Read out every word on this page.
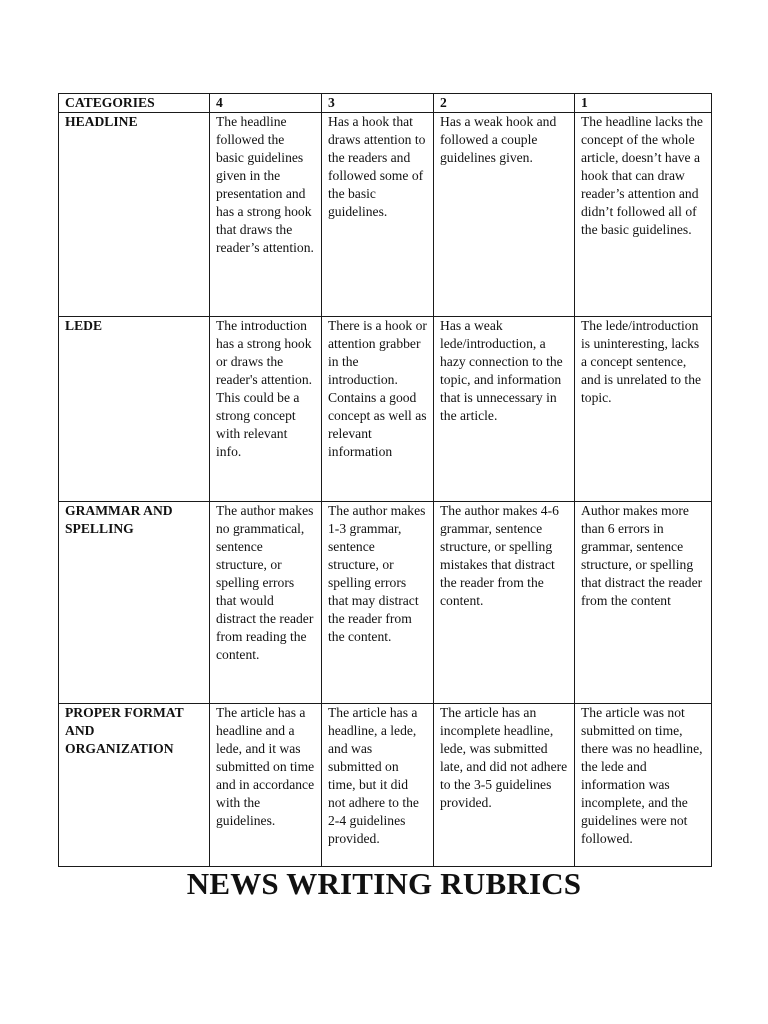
CATEGORIES	4	3	2	1
HEADLINE	The headline followed the basic guidelines given in the presentation and has a strong hook that draws the reader’s attention.	Has a hook that draws attention to the readers and followed some of the basic guidelines.	Has a weak hook and followed a couple guidelines given.	The headline lacks the concept of the whole article, doesn’t have a hook that can draw reader’s attention and didn’t followed all of the basic guidelines.
LEDE	The introduction has a strong hook or draws the reader's attention. This could be a strong concept with relevant info.	There is a hook or attention grabber in the introduction. Contains a good concept as well as relevant information	Has a weak lede/introduction, a hazy connection to the topic, and information that is unnecessary in the article.	The lede/introduction is uninteresting, lacks a concept sentence, and is unrelated to the topic.
GRAMMAR AND SPELLING	The author makes no grammatical, sentence structure, or spelling errors that would distract the reader from reading the content.	The author makes 1-3 grammar, sentence structure, or spelling errors that may distract the reader from the content.	The author makes 4-6 grammar, sentence structure, or spelling mistakes that distract the reader from the content.	Author makes more than 6 errors in grammar, sentence structure, or spelling that distract the reader from the content
PROPER FORMAT AND ORGANIZATION	The article has a headline and a lede, and it was submitted on time and in accordance with the guidelines.	The article has a headline, a lede, and was submitted on time, but it did not adhere to the 2-4 guidelines provided.	The article has an incomplete headline, lede, was submitted late, and did not adhere to the 3-5 guidelines provided.	The article was not submitted on time, there was no headline, the lede and information was incomplete, and the guidelines were not followed.
NEWS WRITING RUBRICS
